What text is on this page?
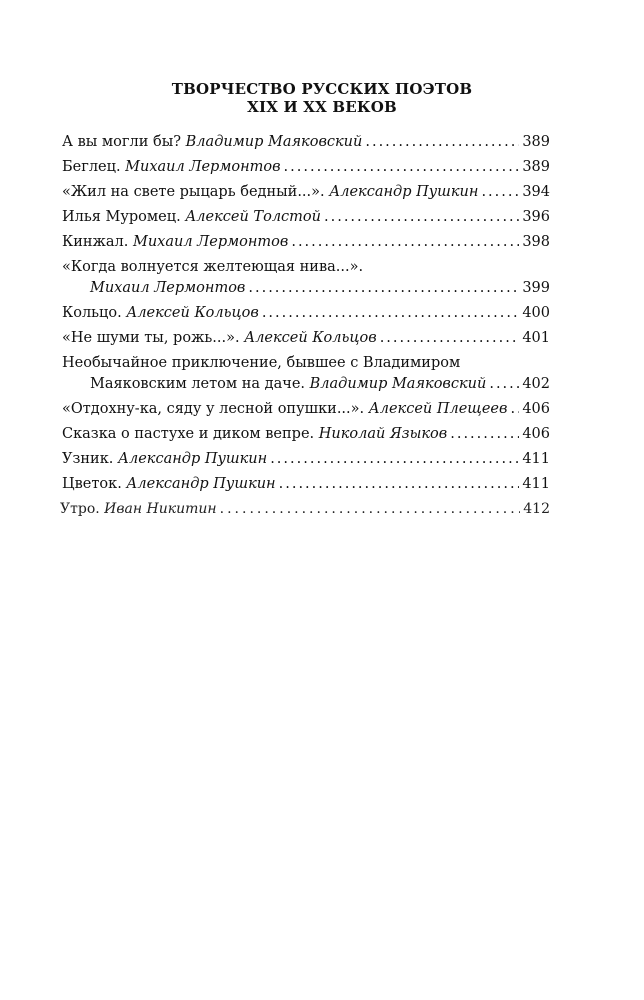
ТВОРЧЕСТВО РУССКИХ ПОЭТОВ
XIX И XX ВЕКОВ
А вы могли бы?
Владимир Маяковский .....	389
Беглец.
Михаил Лермонтов .....	389
«Жил на свете рыцарь бедный...».
Александр Пушкин .....	394
Илья Муромец.
Алексей Толстой .....	396
Кинжал.
Михаил Лермонтов .....	398
«Когда волнуется желтеющая нива...».
Михаил Лермонтов .....	399
Кольцо.
Алексей Кольцов .....	400
«Не шуми ты, рожь...».
Алексей Кольцов .....	401
Необычайное приключение, бывшее с Владимиром
Маяковским летом на даче.
Владимир Маяковский ..... 402
«Отдохну-ка, сяду у лесной опушки...».
Алексей Плещеев ..... 406
Сказка о пастухе и диком вепре.
Николай Языков .....	406
Узник.
Александр Пушкин .....	411
Цветок.
Александр Пушкин .....	411
Утро.
Иван Никитин .....	412
